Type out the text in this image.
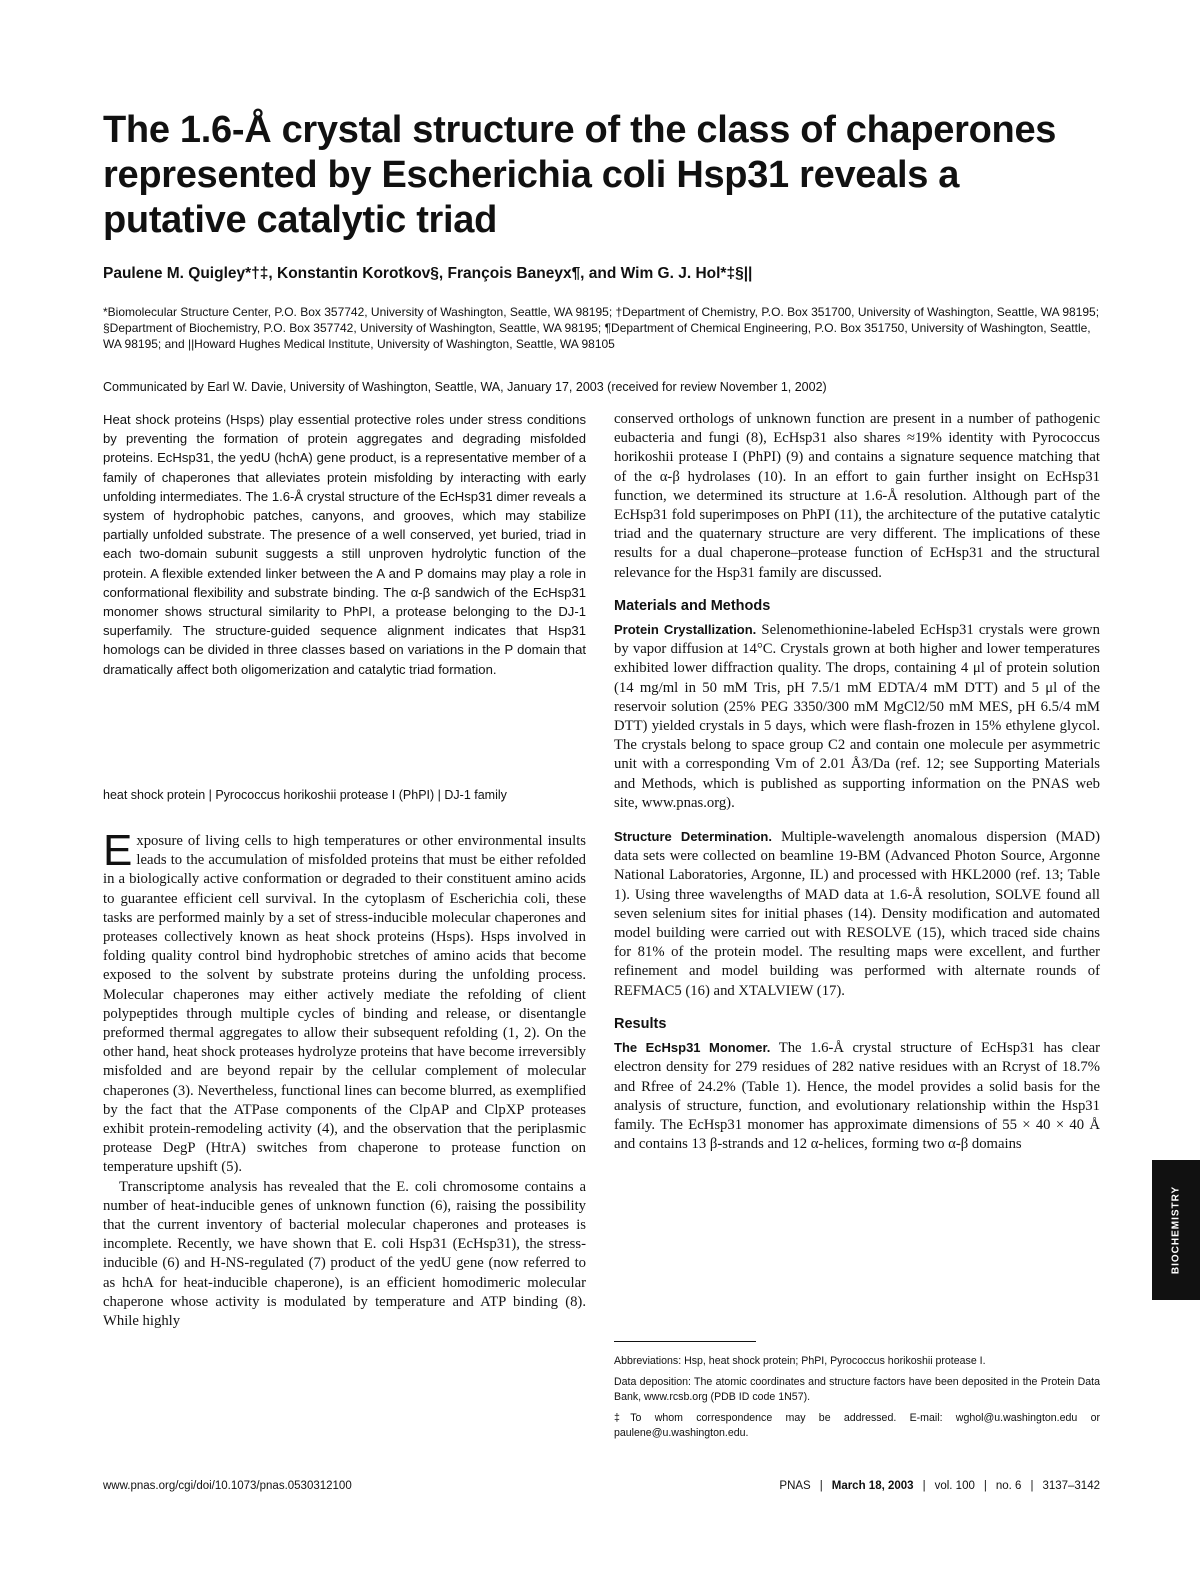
The 1.6-Å crystal structure of the class of chaperones represented by Escherichia coli Hsp31 reveals a putative catalytic triad
Paulene M. Quigley*†‡, Konstantin Korotkov§, François Baneyx¶, and Wim G. J. Hol*‡§||
*Biomolecular Structure Center, P.O. Box 357742, University of Washington, Seattle, WA 98195; †Department of Chemistry, P.O. Box 351700, University of Washington, Seattle, WA 98195; §Department of Biochemistry, P.O. Box 357742, University of Washington, Seattle, WA 98195; ¶Department of Chemical Engineering, P.O. Box 351750, University of Washington, Seattle, WA 98195; and ||Howard Hughes Medical Institute, University of Washington, Seattle, WA 98105
Communicated by Earl W. Davie, University of Washington, Seattle, WA, January 17, 2003 (received for review November 1, 2002)

Heat shock proteins (Hsps) play essential protective roles under stress conditions by preventing the formation of protein aggregates and degrading misfolded proteins. EcHsp31, the yedU (hchA) gene product, is a representative member of a family of chaperones that alleviates protein misfolding by interacting with early unfolding intermediates. The 1.6-Å crystal structure of the EcHsp31 dimer reveals a system of hydrophobic patches, canyons, and grooves, which may stabilize partially unfolded substrate. The presence of a well conserved, yet buried, triad in each two-domain subunit suggests a still unproven hydrolytic function of the protein. A flexible extended linker between the A and P domains may play a role in conformational flexibility and substrate binding. The α-β sandwich of the EcHsp31 monomer shows structural similarity to PhPI, a protease belonging to the DJ-1 superfamily. The structure-guided sequence alignment indicates that Hsp31 homologs can be divided in three classes based on variations in the P domain that dramatically affect both oligomerization and catalytic triad formation.

heat shock protein | Pyrococcus horikoshii protease I (PhPI) | DJ-1 family

Exposure of living cells to high temperatures or other environmental insults leads to the accumulation of misfolded proteins that must be either refolded in a biologically active conformation or degraded to their constituent amino acids to guarantee efficient cell survival. In the cytoplasm of Escherichia coli, these tasks are performed mainly by a set of stress-inducible molecular chaperones and proteases collectively known as heat shock proteins (Hsps). Hsps involved in folding quality control bind hydrophobic stretches of amino acids that become exposed to the solvent by substrate proteins during the unfolding process. Molecular chaperones may either actively mediate the refolding of client polypeptides through multiple cycles of binding and release, or disentangle preformed thermal aggregates to allow their subsequent refolding (1, 2). On the other hand, heat shock proteases hydrolyze proteins that have become irreversibly misfolded and are beyond repair by the cellular complement of molecular chaperones (3). Nevertheless, functional lines can become blurred, as exemplified by the fact that the ATPase components of the ClpAP and ClpXP proteases exhibit protein-remodeling activity (4), and the observation that the periplasmic protease DegP (HtrA) switches from chaperone to protease function on temperature upshift (5).

Transcriptome analysis has revealed that the E. coli chromosome contains a number of heat-inducible genes of unknown function (6), raising the possibility that the current inventory of bacterial molecular chaperones and proteases is incomplete. Recently, we have shown that E. coli Hsp31 (EcHsp31), the stress-inducible (6) and H-NS-regulated (7) product of the yedU gene (now referred to as hchA for heat-inducible chaperone), is an efficient homodimeric molecular chaperone whose activity is modulated by temperature and ATP binding (8). While highly

conserved orthologs of unknown function are present in a number of pathogenic eubacteria and fungi (8), EcHsp31 also shares ≈19% identity with Pyrococcus horikoshii protease I (PhPI) (9) and contains a signature sequence matching that of the α-β hydrolases (10). In an effort to gain further insight on EcHsp31 function, we determined its structure at 1.6-Å resolution. Although part of the EcHsp31 fold superimposes on PhPI (11), the architecture of the putative catalytic triad and the quaternary structure are very different. The implications of these results for a dual chaperone–protease function of EcHsp31 and the structural relevance for the Hsp31 family are discussed.

Materials and Methods

Protein Crystallization. Selenomethionine-labeled EcHsp31 crystals were grown by vapor diffusion at 14°C. Crystals grown at both higher and lower temperatures exhibited lower diffraction quality. The drops, containing 4 μl of protein solution (14 mg/ml in 50 mM Tris, pH 7.5/1 mM EDTA/4 mM DTT) and 5 μl of the reservoir solution (25% PEG 3350/300 mM MgCl2/50 mM MES, pH 6.5/4 mM DTT) yielded crystals in 5 days, which were flash-frozen in 15% ethylene glycol. The crystals belong to space group C2 and contain one molecule per asymmetric unit with a corresponding Vm of 2.01 Å3/Da (ref. 12; see Supporting Materials and Methods, which is published as supporting information on the PNAS web site, www.pnas.org).

Structure Determination. Multiple-wavelength anomalous dispersion (MAD) data sets were collected on beamline 19-BM (Advanced Photon Source, Argonne National Laboratories, Argonne, IL) and processed with HKL2000 (ref. 13; Table 1). Using three wavelengths of MAD data at 1.6-Å resolution, SOLVE found all seven selenium sites for initial phases (14). Density modification and automated model building were carried out with RESOLVE (15), which traced side chains for 81% of the protein model. The resulting maps were excellent, and further refinement and model building was performed with alternate rounds of REFMAC5 (16) and XTALVIEW (17).

Results

The EcHsp31 Monomer. The 1.6-Å crystal structure of EcHsp31 has clear electron density for 279 residues of 282 native residues with an Rcryst of 18.7% and Rfree of 24.2% (Table 1). Hence, the model provides a solid basis for the analysis of structure, function, and evolutionary relationship within the Hsp31 family. The EcHsp31 monomer has approximate dimensions of 55 × 40 × 40 Å and contains 13 β-strands and 12 α-helices, forming two α-β domains

Abbreviations: Hsp, heat shock protein; PhPI, Pyrococcus horikoshii protease I.

Data deposition: The atomic coordinates and structure factors have been deposited in the Protein Data Bank, www.rcsb.org (PDB ID code 1N57).

‡To whom correspondence may be addressed. E-mail: wghol@u.washington.edu or paulene@u.washington.edu.

BIOCHEMISTRY
www.pnas.org/cgi/doi/10.1073/pnas.0530312100	PNAS | March 18, 2003 | vol. 100 | no. 6 | 3137–3142
